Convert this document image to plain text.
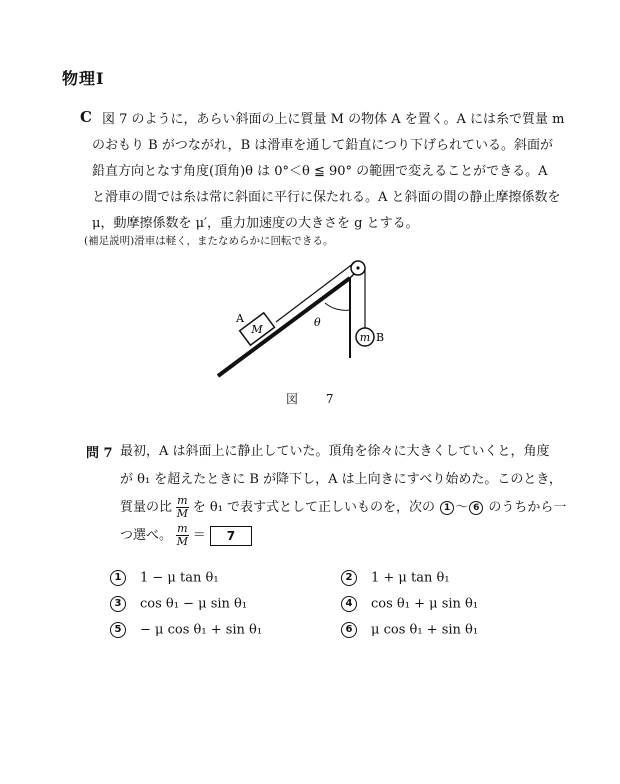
物理Ⅰ
C 図 7 のように，あらい斜面の上に質量 M の物体 A を置く。A には糸で質量 m
のおもり B がつながれ，B は滑車を通して鉛直につり下げられている。斜面が
鉛直方向となす角度(頂角)θ は 0°＜θ ≦ 90° の範囲で変えることができる。A
と滑車の間では糸は常に斜面に平行に保たれる。A と斜面の間の静止摩擦係数を
μ，動摩擦係数を μ′，重力加速度の大きさを g とする。
(補足説明)滑車は軽く，またなめらかに回転できる。
M
A	θ
m B
図 7
問 7 最初，A は斜面上に静止していた。頂角を徐々に大きくしていくと，角度
が θ₁ を超えたときに B が降下し，A は上向きにすべり始めた。このとき，
質量の比 $\frac{m}{M}$ を θ₁ で表す式として正しいものを，次の 1 〜 6 のうちから一
つ選べ。 $\frac{m}{M} = 7$
1 1 − μ tan θ₁	2 1 + μ tan θ₁
3 cos θ₁ − μ sin θ₁	4 cos θ₁ + μ sin θ₁
5 − μ cos θ₁ + sin θ₁	6 μ cos θ₁ + sin θ₁
